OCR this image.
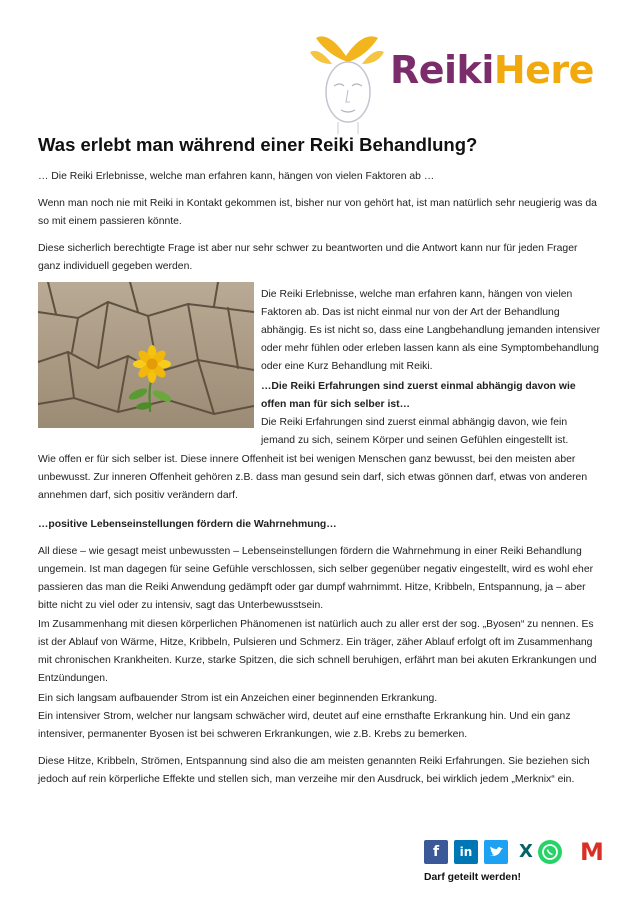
ReikiHere
Was erlebt man während einer Reiki Behandlung?

… Die Reiki Erlebnisse, welche man erfahren kann, hängen von vielen Faktoren ab …

Wenn man noch nie mit Reiki in Kontakt gekommen ist, bisher nur von gehört hat, ist man natürlich sehr neugierig was da so mit einem passieren könnte.

Diese sicherlich berechtigte Frage ist aber nur sehr schwer zu beantworten und die Antwort kann nur für jeden Frager ganz individuell gegeben werden.

Die Reiki Erlebnisse, welche man erfahren kann, hängen von vielen Faktoren ab. Das ist nicht einmal nur von der Art der Behandlung abhängig. Es ist nicht so, dass eine Langbehandlung jemanden intensiver oder mehr fühlen oder erleben lassen kann als eine Symptombehandlung oder eine Kurz Behandlung mit Reiki.

…Die Reiki Erfahrungen sind zuerst einmal abhängig davon wie offen man für sich selber ist…

Die Reiki Erfahrungen sind zuerst einmal abhängig davon, wie fein jemand zu sich, seinem Körper und seinen Gefühlen eingestellt ist.

Wie offen er für sich selber ist. Diese innere Offenheit ist bei wenigen Menschen ganz bewusst, bei den meisten aber unbewusst. Zur inneren Offenheit gehören z.B. dass man gesund sein darf, sich etwas gönnen darf, etwas von anderen annehmen darf, sich positiv verändern darf.

…positive Lebenseinstellungen fördern die Wahrnehmung…

All diese – wie gesagt meist unbewussten – Lebenseinstellungen fördern die Wahrnehmung in einer Reiki Behandlung ungemein. Ist man dagegen für seine Gefühle verschlossen, sich selber gegenüber negativ eingestellt, wird es wohl eher passieren das man die Reiki Anwendung gedämpft oder gar dumpf wahrnimmt. Hitze, Kribbeln, Entspannung, ja – aber bitte nicht zu viel oder zu intensiv, sagt das Unterbewusstsein.

Im Zusammenhang mit diesen körperlichen Phänomenen ist natürlich auch zu aller erst der sog. „Byosen“ zu nennen. Es ist der Ablauf von Wärme, Hitze, Kribbeln, Pulsieren und Schmerz. Ein träger, zäher Ablauf erfolgt oft im Zusammenhang mit chronischen Krankheiten. Kurze, starke Spitzen, die sich schnell beruhigen, erfährt man bei akuten Erkrankungen und Entzündungen.

Ein sich langsam aufbauender Strom ist ein Anzeichen einer beginnenden Erkrankung.

Ein intensiver Strom, welcher nur langsam schwächer wird, deutet auf eine ernsthafte Erkrankung hin. Und ein ganz intensiver, permanenter Byosen ist bei schweren Erkrankungen, wie z.B. Krebs zu bemerken.

Diese Hitze, Kribbeln, Strömen, Entspannung sind also die am meisten genannten Reiki Erfahrungen. Sie beziehen sich jedoch auf rein körperliche Effekte und stellen sich, man verzeihe mir den Ausdruck, bei wirklich jedem „Merknix“ ein.

f	in	X M
Darf geteilt werden!
